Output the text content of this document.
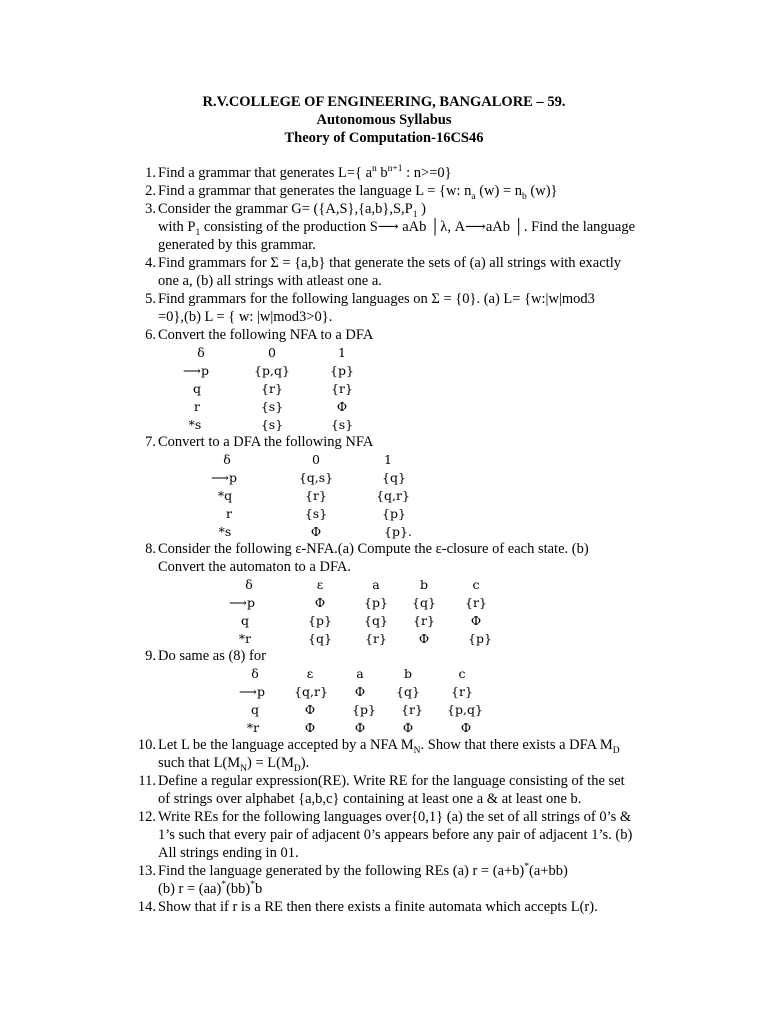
R.V.COLLEGE OF ENGINEERING, BANGALORE – 59.
Autonomous Syllabus
Theory of Computation-16CS46
1. Find a grammar that generates L={ $a^n$ $b^{n+1}$ : n>=0}
2. Find a grammar that generates the language L = {w: $n_a$ $(w) = n_b$ (w)}
3. Consider the grammar $G= (\{A,S\},\{a,b\},S,P_1$ )
with $P_1$ consisting of the production S⟶ aAb │λ, A⟶aAb │. Find the language
generated by this grammar.
4. Find grammars for Σ = {a,b} that generate the sets of (a) all strings with exactly
one a, (b) all strings with atleast one a.
5. Find grammars for the following languages on Σ = {0}. (a) L= {w:|w|mod3
=0},(b) L = { w: |w|mod3>0}.
6. Convert the following NFA to a DFA
δ	0	1
⟶p	{p,q}	{p}
q	{r}	{r}
r	{s}	Φ
*s	{s}	{s}
7. Convert to a DFA the following NFA
δ	0	1
⟶p	{q,s}	{q}
*q	{r}	{q,r}
r	{s}	{p}
*s	Φ	{p}.
8. Consider the following ε-NFA.(a) Compute the ε-closure of each state. (b)
Convert the automaton to a DFA.
δ	ε	a	b	c
⟶p	Φ	{p}	{q}	{r}
q	{p}	{q}	{r}	Φ
*r	{q}	{r}	Φ	{p}
9. Do same as (8) for
δ	ε	a	b	c
⟶p	{q,r}	Φ	{q}	{r}
q	Φ	{p}	{r}	{p,q}
*r	Φ	Φ	Φ	Φ
10. Let L be the language accepted by a NFA $M_N$. Show that there exists a DFA $M_D$
such that $L(M_N) = L(M_D)$.
11. Define a regular expression(RE). Write RE for the language consisting of the set
of strings over alphabet {a,b,c} containing at least one a & at least one b.
12. Write REs for the following languages over{0,1} (a) the set of all strings of 0’s &
1’s such that every pair of adjacent 0’s appears before any pair of adjacent 1’s. (b)
All strings ending in 01.
13. Find the language generated by the following REs (a) r = (a+b)*(a+bb)
(b) r = (aa)*(bb)*b
14. Show that if r is a RE then there exists a finite automata which accepts L(r).
